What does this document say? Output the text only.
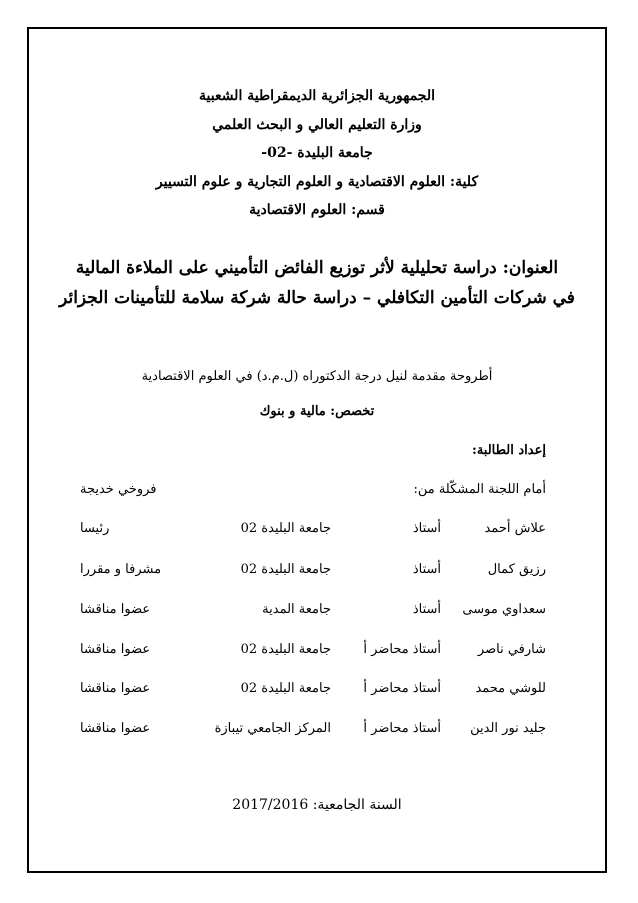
الجمهورية الجزائرية الديمقراطية الشعبية
وزارة التعليم العالي و البحث العلمي
جامعة البليدة -02-
كلية: العلوم الاقتصادية و العلوم التجارية و علوم التسيير
قسم: العلوم الاقتصادية
العنوان: دراسة تحليلية لأثر توزيع الفائض التأميني على الملاءة المالية
في شركات التأمين التكافلي – دراسة حالة شركة سلامة للتأمينات الجزائر
أطروحة مقدمة لنيل درجة الدكتوراه (ل.م.د) في العلوم الاقتصادية
تخصص: مالية و بنوك
إعداد الطالبة:
أمام اللجنة المشكّلة من:
فروخي خديجة
علاش أحمد
أستاذ
جامعة البليدة 02
رئيسا
رزيق كمال
أستاذ
جامعة البليدة 02
مشرفا و مقررا
سعداوي موسى
أستاذ
جامعة المدية
عضوا مناقشا
شارفي ناصر
أستاذ محاضر أ
جامعة البليدة 02
عضوا مناقشا
للوشي محمد
أستاذ محاضر أ
جامعة البليدة 02
عضوا مناقشا
جليد نور الدين
أستاذ محاضر أ
المركز الجامعي تيبازة
عضوا مناقشا
السنة الجامعية: 2017/2016
